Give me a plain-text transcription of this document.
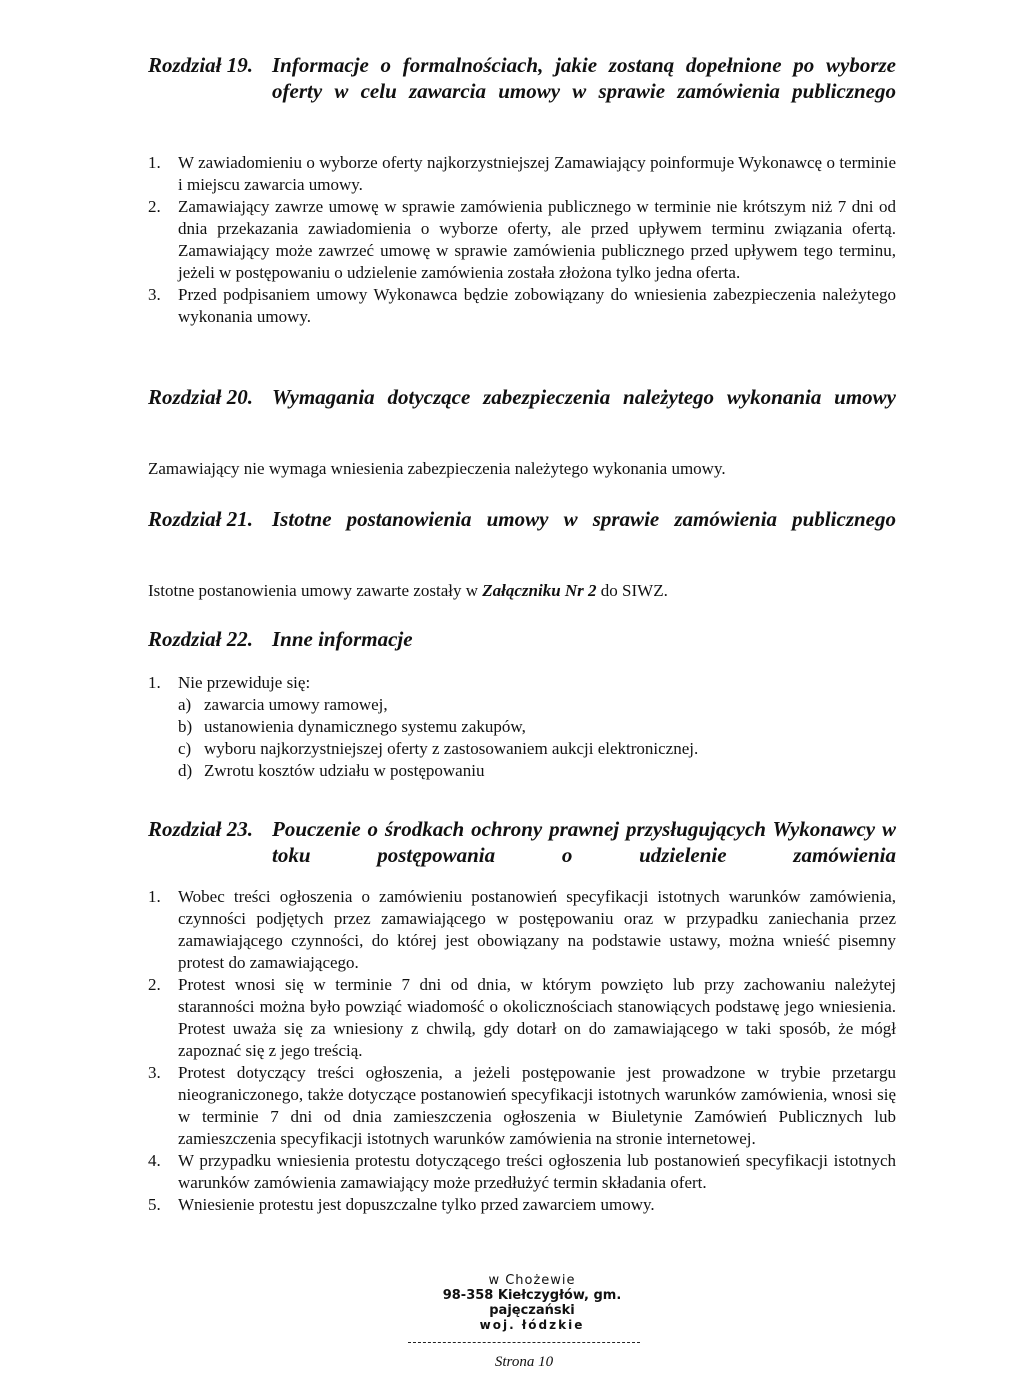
Rozdział 19. Informacje o formalnościach, jakie zostaną dopełnione po wyborze oferty w celu zawarcia umowy w sprawie zamówienia publicznego
1. W zawiadomieniu o wyborze oferty najkorzystniejszej Zamawiający poinformuje Wykonawcę o terminie i miejscu zawarcia umowy.
2. Zamawiający zawrze umowę w sprawie zamówienia publicznego w terminie nie krótszym niż 7 dni od dnia przekazania zawiadomienia o wyborze oferty, ale przed upływem terminu związania ofertą. Zamawiający może zawrzeć umowę w sprawie zamówienia publicznego przed upływem tego terminu, jeżeli w postępowaniu o udzielenie zamówienia została złożona tylko jedna oferta.
3. Przed podpisaniem umowy Wykonawca będzie zobowiązany do wniesienia zabezpieczenia należytego wykonania umowy.
Rozdział 20. Wymagania dotyczące zabezpieczenia należytego wykonania umowy
Zamawiający nie wymaga wniesienia zabezpieczenia należytego wykonania umowy.
Rozdział 21. Istotne postanowienia umowy w sprawie zamówienia publicznego
Istotne postanowienia umowy zawarte zostały w Załączniku Nr 2 do SIWZ.
Rozdział 22. Inne informacje
1. Nie przewiduje się:
a) zawarcia umowy ramowej,
b) ustanowienia dynamicznego systemu zakupów,
c) wyboru najkorzystniejszej oferty z zastosowaniem aukcji elektronicznej.
d) Zwrotu kosztów udziału w postępowaniu
Rozdział 23. Pouczenie o środkach ochrony prawnej przysługujących Wykonawcy w toku postępowania o udzielenie zamówienia
1. Wobec treści ogłoszenia o zamówieniu postanowień specyfikacji istotnych warunków zamówienia, czynności podjętych przez zamawiającego w postępowaniu oraz w przypadku zaniechania przez zamawiającego czynności, do której jest obowiązany na podstawie ustawy, można wnieść pisemny protest do zamawiającego.
2. Protest wnosi się w terminie 7 dni od dnia, w którym powzięto lub przy zachowaniu należytej staranności można było powziąć wiadomość o okolicznościach stanowiących podstawę jego wniesienia. Protest uważa się za wniesiony z chwilą, gdy dotarł on do zamawiającego w taki sposób, że mógł zapoznać się z jego treścią.
3. Protest dotyczący treści ogłoszenia, a jeżeli postępowanie jest prowadzone w trybie przetargu nieograniczonego, także dotyczące postanowień specyfikacji istotnych warunków zamówienia, wnosi się w terminie 7 dni od dnia zamieszczenia ogłoszenia w Biuletynie Zamówień Publicznych lub zamieszczenia specyfikacji istotnych warunków zamówienia na stronie internetowej.
4. W przypadku wniesienia protestu dotyczącego treści ogłoszenia lub postanowień specyfikacji istotnych warunków zamówienia zamawiający może przedłużyć termin składania ofert.
5. Wniesienie protestu jest dopuszczalne tylko przed zawarciem umowy.
w Chożewie
98-358 Kiełczygłów, gm. pajęczański
woj. łódzkie
Strona 10
